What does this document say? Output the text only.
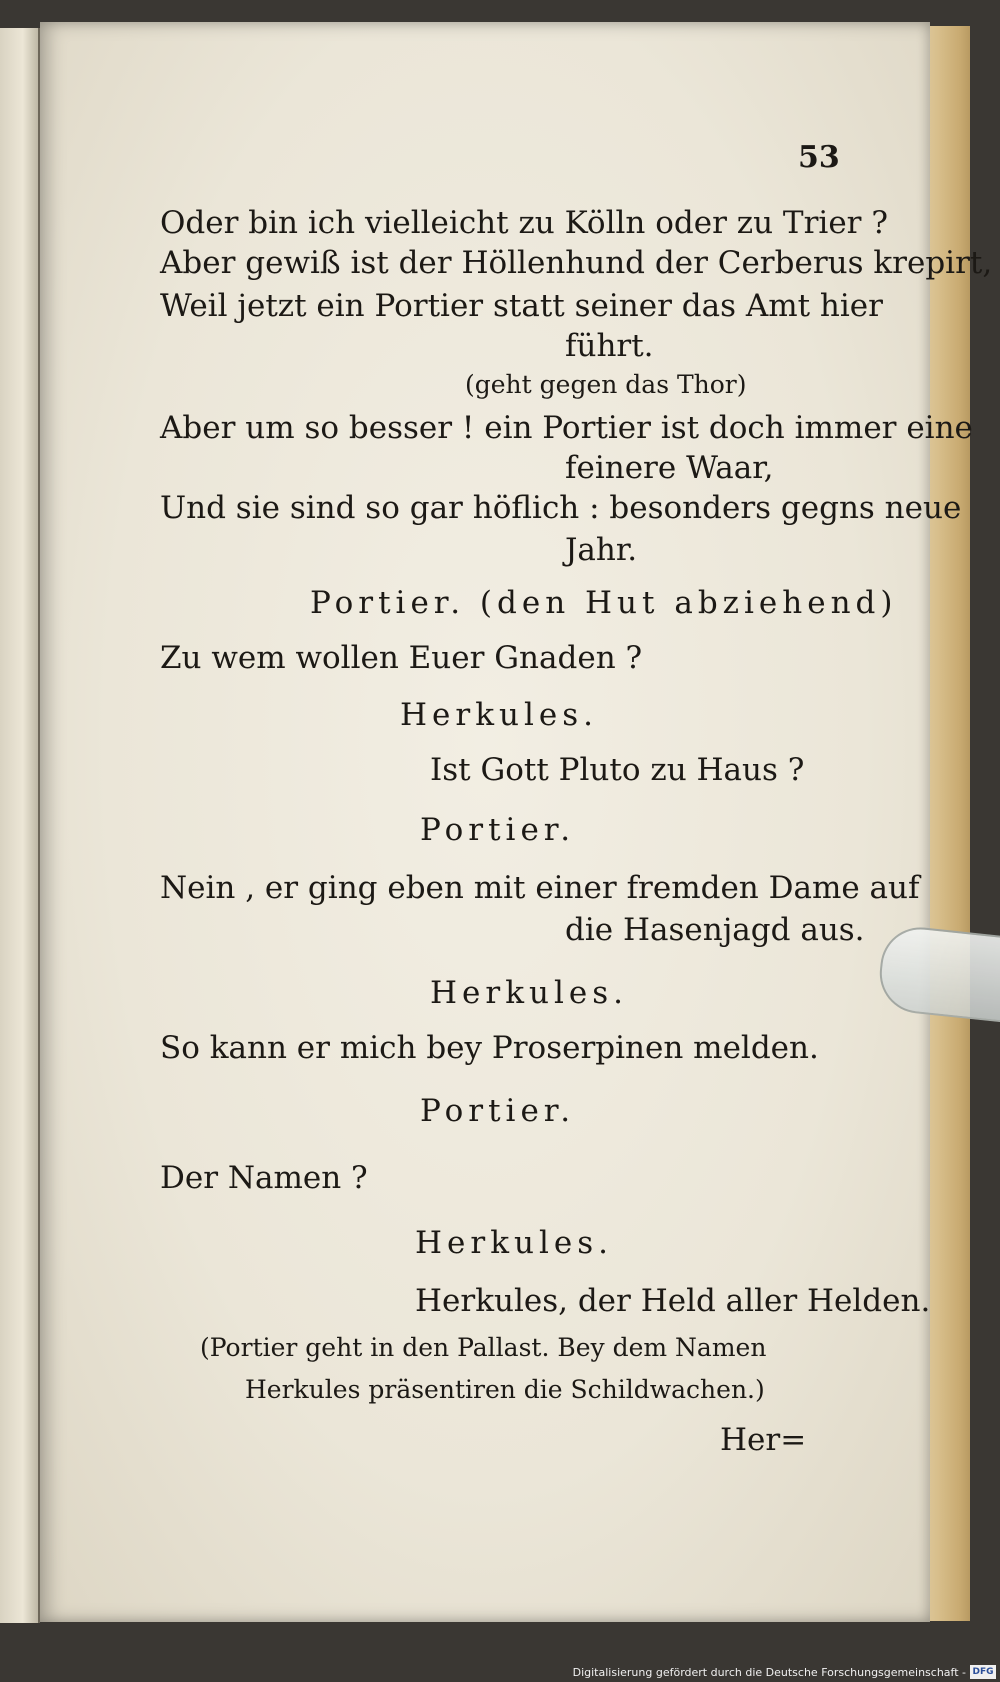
53
Oder bin ich vielleicht zu Kölln oder zu Trier ?
Aber gewiß ist der Höllenhund der Cerberus krepirt,
Weil jetzt ein Portier statt seiner das Amt hier
führt.
(geht gegen das Thor)
Aber um so besser ! ein Portier ist doch immer eine
feinere Waar,
Und sie sind so gar höflich : besonders gegns neue
Jahr.
Portier. (den Hut abziehend)
Zu wem wollen Euer Gnaden ?
Herkules.
Ist Gott Pluto zu Haus ?
Portier.
Nein , er ging eben mit einer fremden Dame auf
die Hasenjagd aus.
Herkules.
So kann er mich bey Proserpinen melden.
Portier.
Der Namen ?
Herkules.
Herkules, der Held aller Helden.
(Portier geht in den Pallast. Bey dem Namen
Herkules präsentiren die Schildwachen.)
Her=
Digitalisierung gefördert durch die Deutsche Forschungsgemeinschaft - DFG
